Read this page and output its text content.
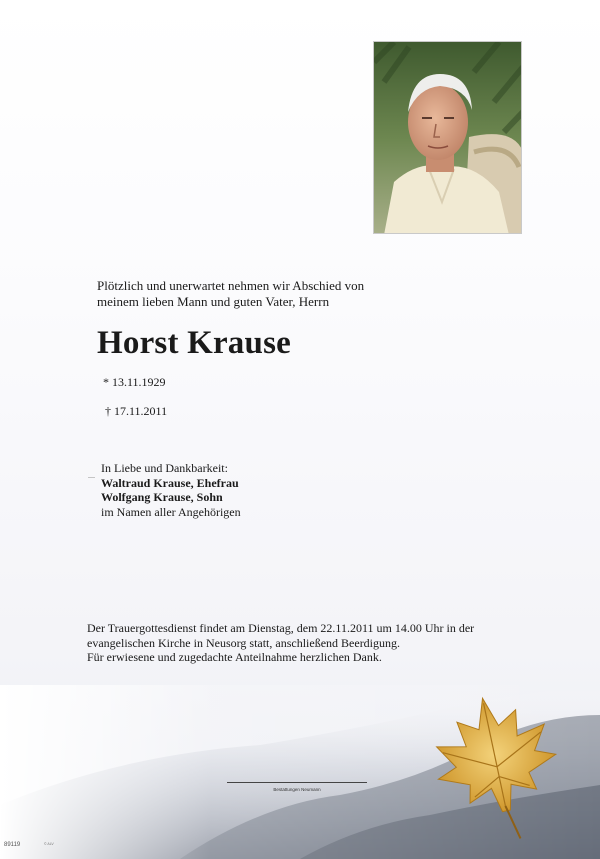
Plötzlich und unerwartet nehmen wir Abschied von
meinem lieben Mann und guten Vater, Herrn
Horst Krause
* 13.11.1929
† 17.11.2011
In Liebe und Dankbarkeit:
Waltraud Krause, Ehefrau
Wolfgang Krause, Sohn
im Namen aller Angehörigen
Der Trauergottesdienst findet am Dienstag, dem 22.11.2011 um 14.00 Uhr in der
evangelischen Kirche in Neusorg statt, anschließend Beerdigung.
Für erwiesene und zugedachte Anteilnahme herzlichen Dank.
Bestattungen Neumann
89119	© ALV
